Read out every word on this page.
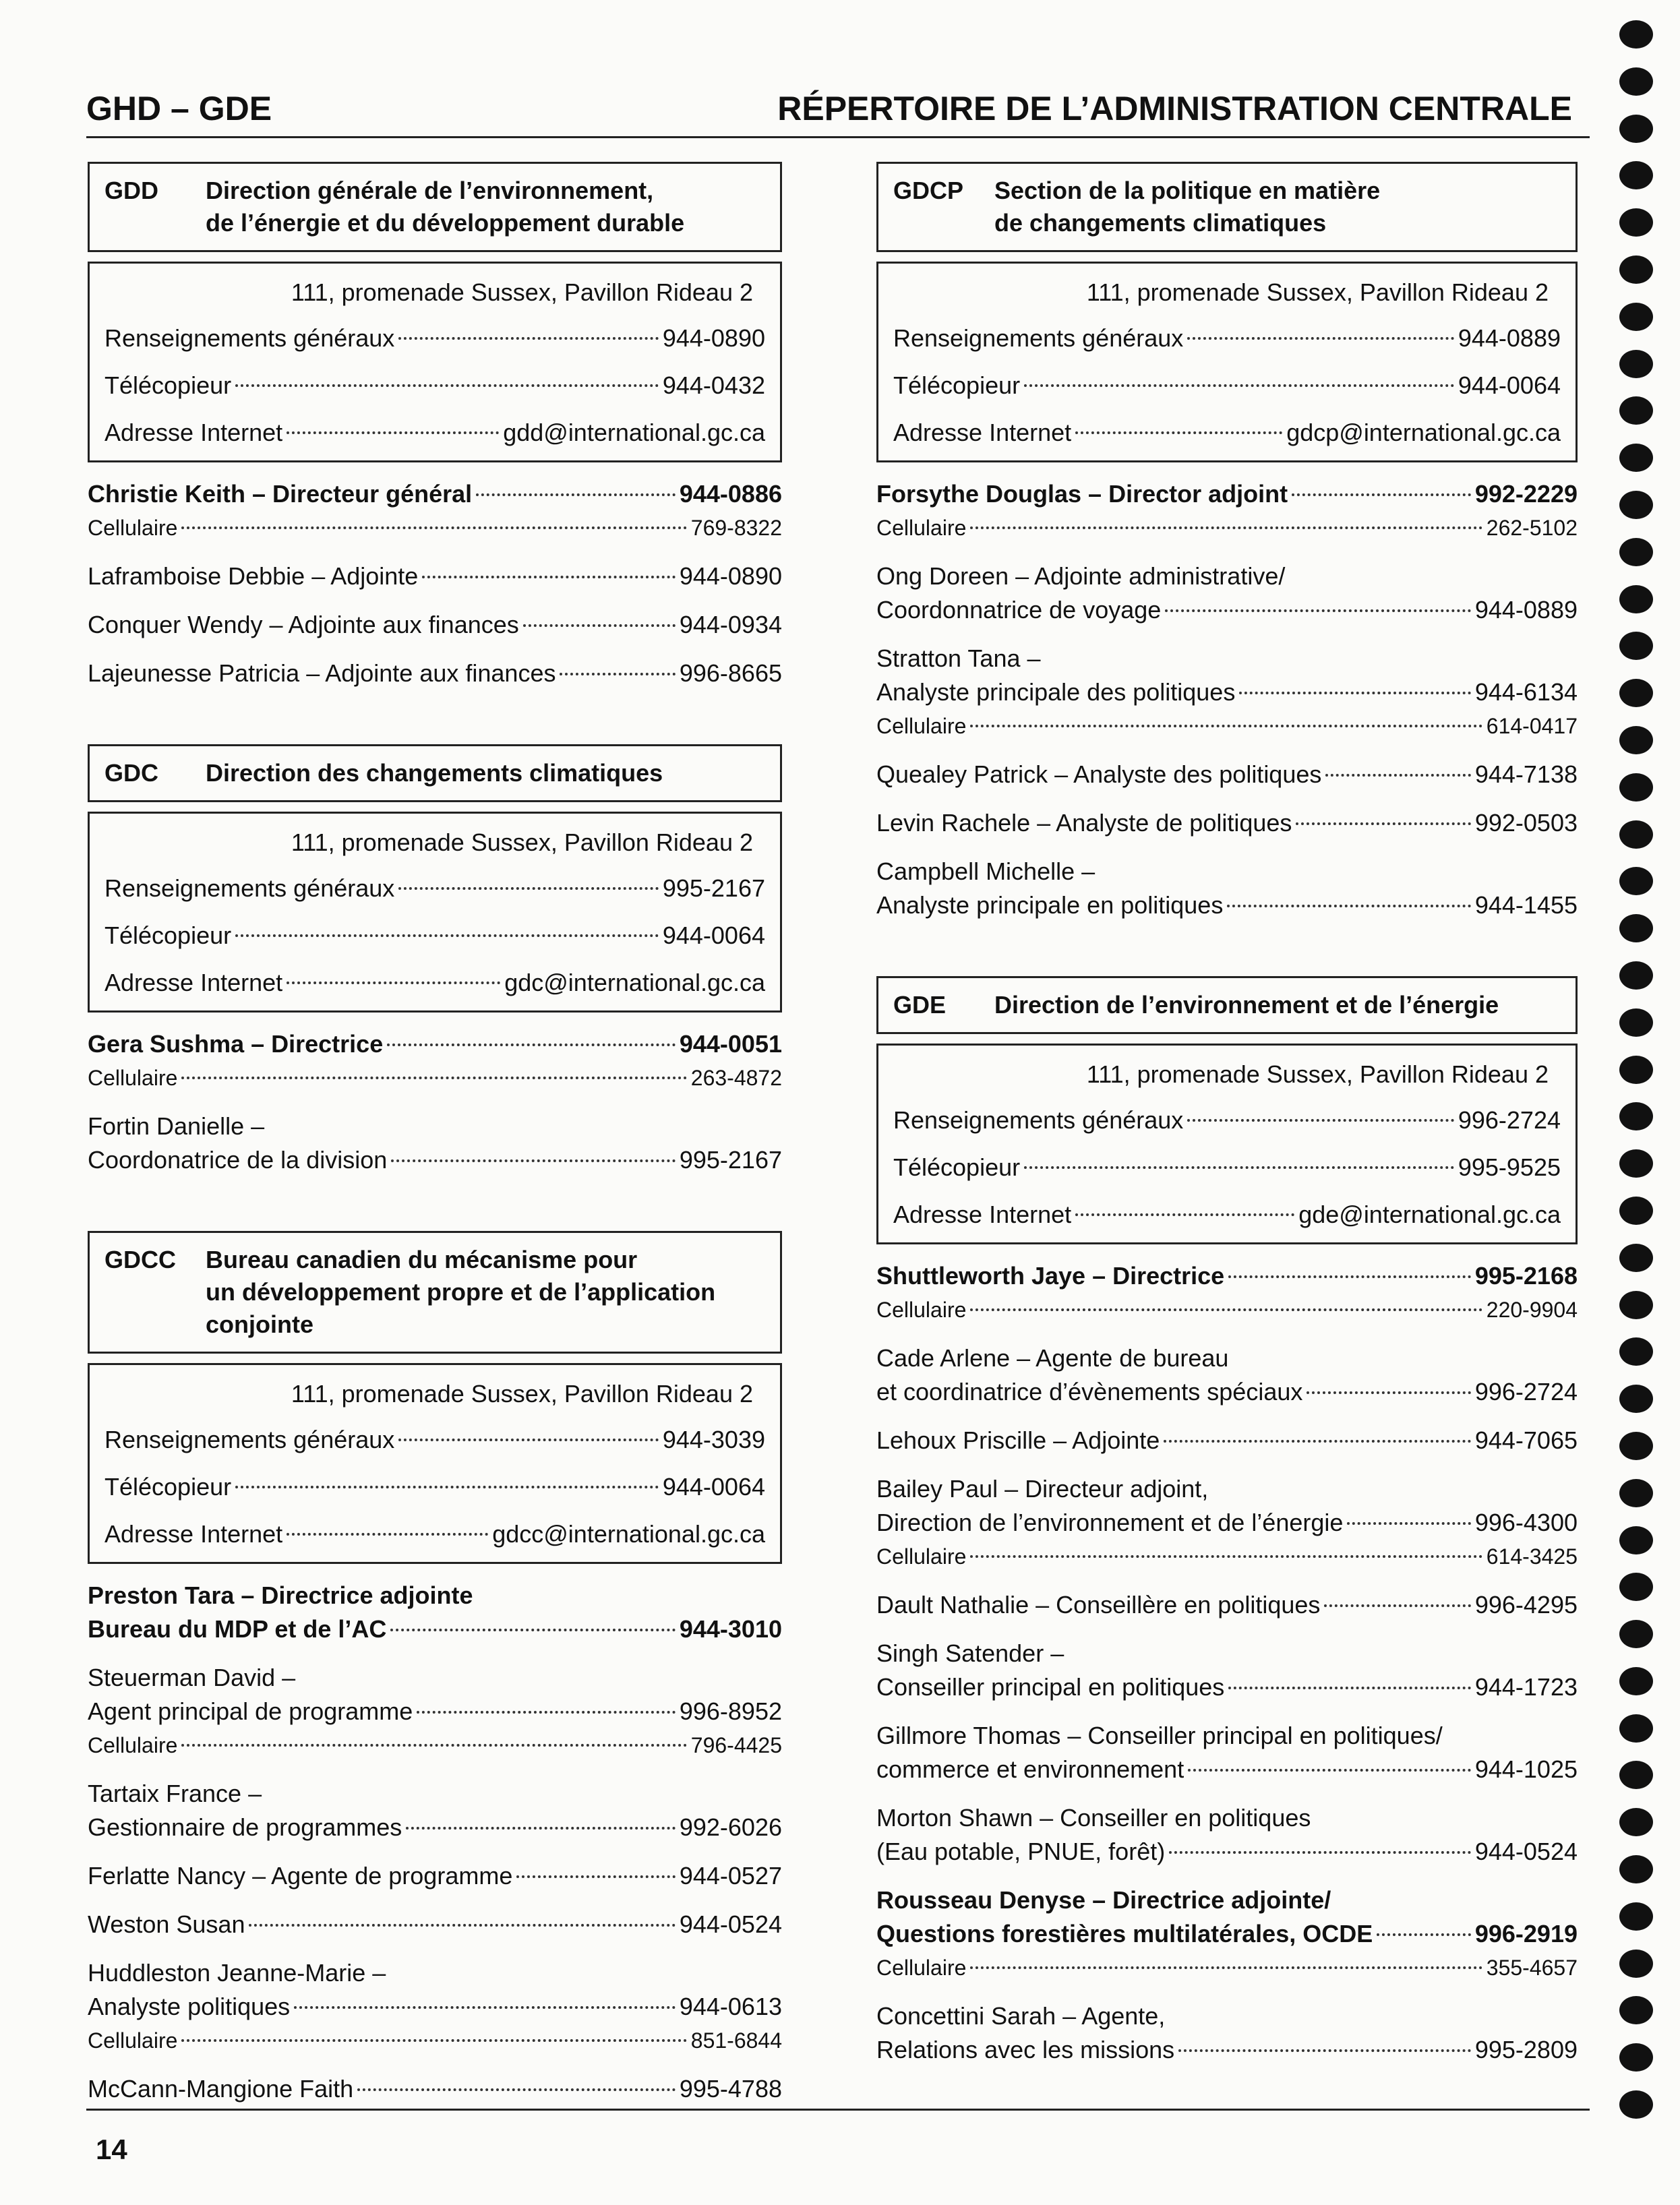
GHD – GDE	RÉPERTOIRE DE L’ADMINISTRATION CENTRALE
GDD	Direction générale de l’environnement,
de l’énergie et du développement durable
111, promenade Sussex, Pavillon Rideau 2
Renseignements généraux	944-0890
Télécopieur	944-0432
Adresse Internet	gdd@international.gc.ca
Christie Keith – Directeur général	944-0886
Cellulaire	769-8322
Laframboise Debbie – Adjointe	944-0890
Conquer Wendy – Adjointe aux finances	944-0934
Lajeunesse Patricia – Adjointe aux finances	996-8665
GDC	Direction des changements climatiques
111, promenade Sussex, Pavillon Rideau 2
Renseignements généraux	995-2167
Télécopieur	944-0064
Adresse Internet	gdc@international.gc.ca
Gera Sushma – Directrice	944-0051
Cellulaire	263-4872
Fortin Danielle –
Coordonatrice de la division	995-2167
GDCC	Bureau canadien du mécanisme pour
un développement propre et de l’application
conjointe
111, promenade Sussex, Pavillon Rideau 2
Renseignements généraux	944-3039
Télécopieur	944-0064
Adresse Internet	gdcc@international.gc.ca
Preston Tara – Directrice adjointe
Bureau du MDP et de l’AC	944-3010
Steuerman David –
Agent principal de programme	996-8952
Cellulaire	796-4425
Tartaix France –
Gestionnaire de programmes	992-6026
Ferlatte Nancy – Agente de programme	944-0527
Weston Susan	944-0524
Huddleston Jeanne-Marie –
Analyste politiques	944-0613
Cellulaire	851-6844
McCann-Mangione Faith	995-4788
GDCP	Section de la politique en matière
de changements climatiques
111, promenade Sussex, Pavillon Rideau 2
Renseignements généraux	944-0889
Télécopieur	944-0064
Adresse Internet	gdcp@international.gc.ca
Forsythe Douglas – Director adjoint	992-2229
Cellulaire	262-5102
Ong Doreen – Adjointe administrative/
Coordonnatrice de voyage	944-0889
Stratton Tana –
Analyste principale des politiques	944-6134
Cellulaire	614-0417
Quealey Patrick – Analyste des politiques	944-7138
Levin Rachele – Analyste de politiques	992-0503
Campbell Michelle –
Analyste principale en politiques	944-1455
GDE	Direction de l’environnement et de l’énergie
111, promenade Sussex, Pavillon Rideau 2
Renseignements généraux	996-2724
Télécopieur	995-9525
Adresse Internet	gde@international.gc.ca
Shuttleworth Jaye – Directrice	995-2168
Cellulaire	220-9904
Cade Arlene – Agente de bureau
et coordinatrice d’évènements spéciaux	996-2724
Lehoux Priscille – Adjointe	944-7065
Bailey Paul – Directeur adjoint,
Direction de l’environnement et de l’énergie	996-4300
Cellulaire	614-3425
Dault Nathalie – Conseillère en politiques	996-4295
Singh Satender –
Conseiller principal en politiques	944-1723
Gillmore Thomas – Conseiller principal en politiques/
commerce et environnement	944-1025
Morton Shawn – Conseiller en politiques
(Eau potable, PNUE, forêt)	944-0524
Rousseau Denyse – Directrice adjointe/
Questions forestières multilatérales, OCDE	996-2919
Cellulaire	355-4657
Concettini Sarah – Agente,
Relations avec les missions	995-2809
14
